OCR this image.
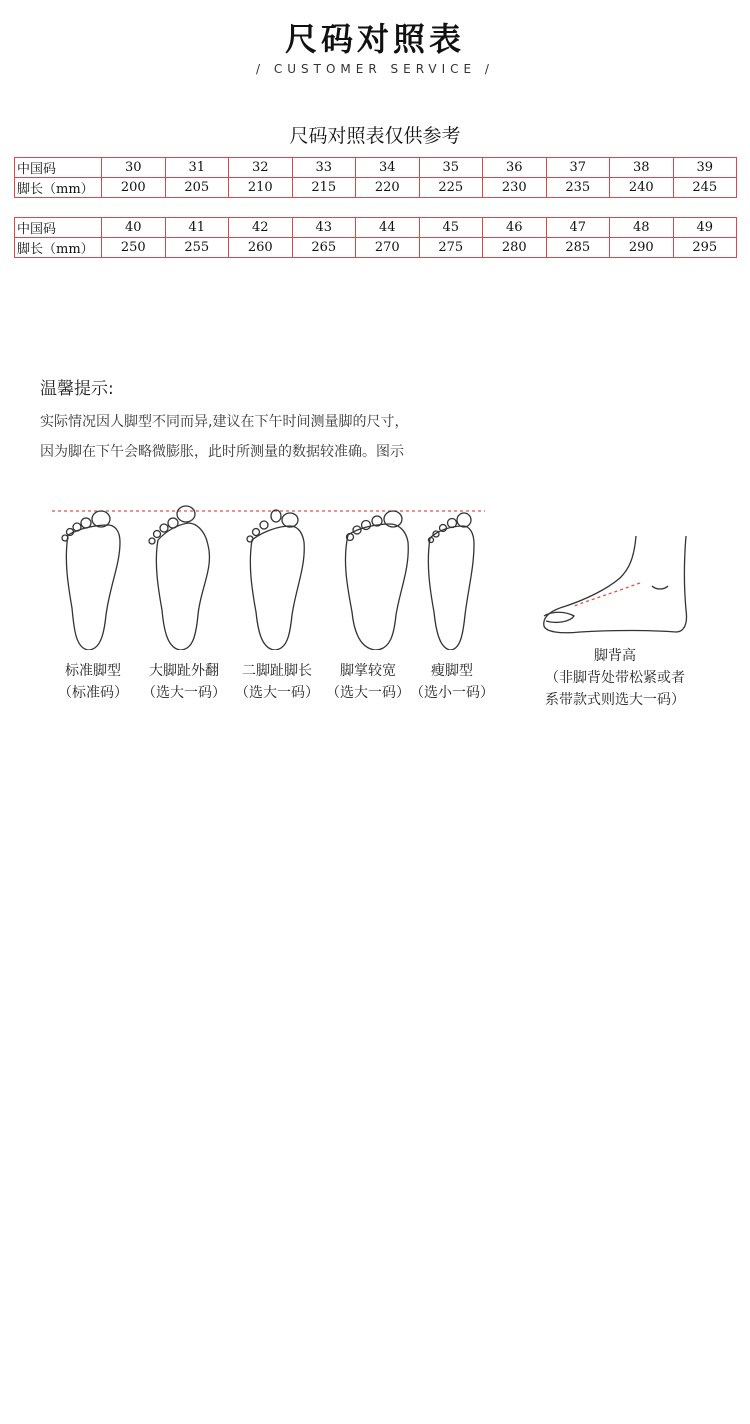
尺码对照表
/ CUSTOMER SERVICE /
尺码对照表仅供参考
中国码	30	31	32	33	34	35	36	37	38	39
脚长（mm）	200	205	210	215	220	225	230	235	240	245
中国码	40	41	42	43	44	45	46	47	48	49
脚长（mm）	250	255	260	265	270	275	280	285	290	295
温馨提示:
实际情况因人脚型不同而异,建议在下午时间测量脚的尺寸，
因为脚在下午会略微膨胀，此时所测量的数据较准确。图示
标准脚型
（标准码）
大脚趾外翻
（选大一码）
二脚趾脚长
（选大一码）
脚掌较宽
（选大一码）
瘦脚型
（选小一码）
脚背高
（非脚背处带松紧或者
系带款式则选大一码）
